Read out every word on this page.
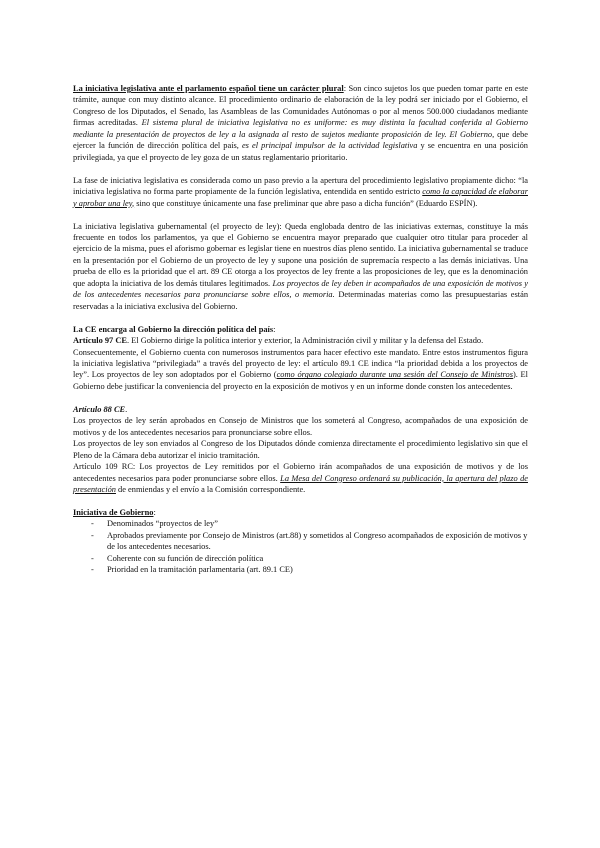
La iniciativa legislativa ante el parlamento español tiene un carácter plural: Son cinco sujetos los que pueden tomar parte en este trámite, aunque con muy distinto alcance. El procedimiento ordinario de elaboración de la ley podrá ser iniciado por el Gobierno, el Congreso de los Diputados, el Senado, las Asambleas de las Comunidades Autónomas o por al menos 500.000 ciudadanos mediante firmas acreditadas. El sistema plural de iniciativa legislativa no es uniforme: es muy distinta la facultad conferida al Gobierno mediante la presentación de proyectos de ley a la asignada al resto de sujetos mediante proposición de ley. El Gobierno, que debe ejercer la función de dirección política del país, es el principal impulsor de la actividad legislativa y se encuentra en una posición privilegiada, ya que el proyecto de ley goza de un status reglamentario prioritario.

La fase de iniciativa legislativa es considerada como un paso previo a la apertura del procedimiento legislativo propiamente dicho: “la iniciativa legislativa no forma parte propiamente de la función legislativa, entendida en sentido estricto como la capacidad de elaborar y aprobar una ley, sino que constituye únicamente una fase preliminar que abre paso a dicha función” (Eduardo ESPÍN).

La iniciativa legislativa gubernamental (el proyecto de ley): Queda englobada dentro de las iniciativas externas, constituye la más frecuente en todos los parlamentos, ya que el Gobierno se encuentra mayor preparado que cualquier otro titular para proceder al ejercicio de la misma, pues el aforismo gobernar es legislar tiene en nuestros días pleno sentido. La iniciativa gubernamental se traduce en la presentación por el Gobierno de un proyecto de ley y supone una posición de supremacía respecto a las demás iniciativas. Una prueba de ello es la prioridad que el art. 89 CE otorga a los proyectos de ley frente a las proposiciones de ley, que es la denominación que adopta la iniciativa de los demás titulares legitimados. Los proyectos de ley deben ir acompañados de una exposición de motivos y de los antecedentes necesarios para pronunciarse sobre ellos, o memoria. Determinadas materias como las presupuestarias están reservadas a la iniciativa exclusiva del Gobierno.

La CE encarga al Gobierno la dirección política del país:

Artículo 97 CE. El Gobierno dirige la política interior y exterior, la Administración civil y militar y la defensa del Estado.

Consecuentemente, el Gobierno cuenta con numerosos instrumentos para hacer efectivo este mandato. Entre estos instrumentos figura la iniciativa legislativa “privilegiada” a través del proyecto de ley: el artículo 89.1 CE indica “la prioridad debida a los proyectos de ley”. Los proyectos de ley son adoptados por el Gobierno (como órgano colegiado durante una sesión del Consejo de Ministros). El Gobierno debe justificar la conveniencia del proyecto en la exposición de motivos y en un informe donde consten los antecedentes.

Artículo 88 CE.

Los proyectos de ley serán aprobados en Consejo de Ministros que los someterá al Congreso, acompañados de una exposición de motivos y de los antecedentes necesarios para pronunciarse sobre ellos.

Los proyectos de ley son enviados al Congreso de los Diputados dónde comienza directamente el procedimiento legislativo sin que el Pleno de la Cámara deba autorizar el inicio tramitación.

Artículo 109 RC: Los proyectos de Ley remitidos por el Gobierno irán acompañados de una exposición de motivos y de los antecedentes necesarios para poder pronunciarse sobre ellos. La Mesa del Congreso ordenará su publicación, la apertura del plazo de presentación de enmiendas y el envío a la Comisión correspondiente.

Iniciativa de Gobierno:

- Denominados “proyectos de ley”
- Aprobados previamente por Consejo de Ministros (art.88) y sometidos al Congreso acompañados de exposición de motivos y de los antecedentes necesarios.
- Coherente con su función de dirección política
- Prioridad en la tramitación parlamentaria (art. 89.1 CE)
